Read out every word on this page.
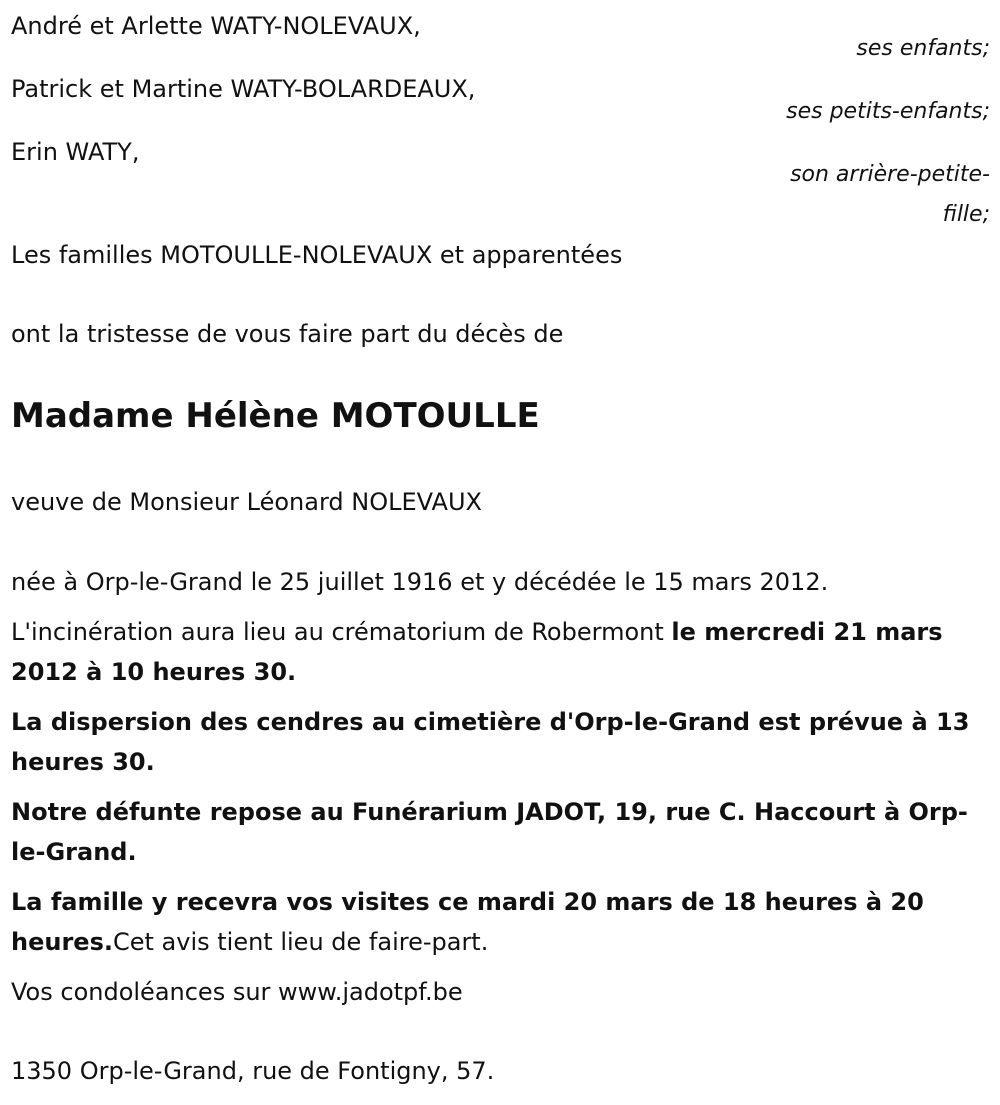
André et Arlette WATY-NOLEVAUX,

ses enfants;

Patrick et Martine WATY-BOLARDEAUX,

ses petits-enfants;

Erin WATY,

son arrière-petite-

fille;

Les familles MOTOULLE-NOLEVAUX et apparentées

ont la tristesse de vous faire part du décès de

Madame Hélène MOTOULLE

veuve de Monsieur Léonard NOLEVAUX

née à Orp-le-Grand le 25 juillet 1916 et y décédée le 15 mars 2012.

L'incinération aura lieu au crématorium de Robermont le mercredi 21 mars 2012 à 10 heures 30.

La dispersion des cendres au cimetière d'Orp-le-Grand est prévue à 13 heures 30.

Notre défunte repose au Funérarium JADOT, 19, rue C. Haccourt à Orp-le-Grand.

La famille y recevra vos visites ce mardi 20 mars de 18 heures à 20 heures.Cet avis tient lieu de faire-part.

Vos condoléances sur www.jadotpf.be

1350 Orp-le-Grand, rue de Fontigny, 57.
